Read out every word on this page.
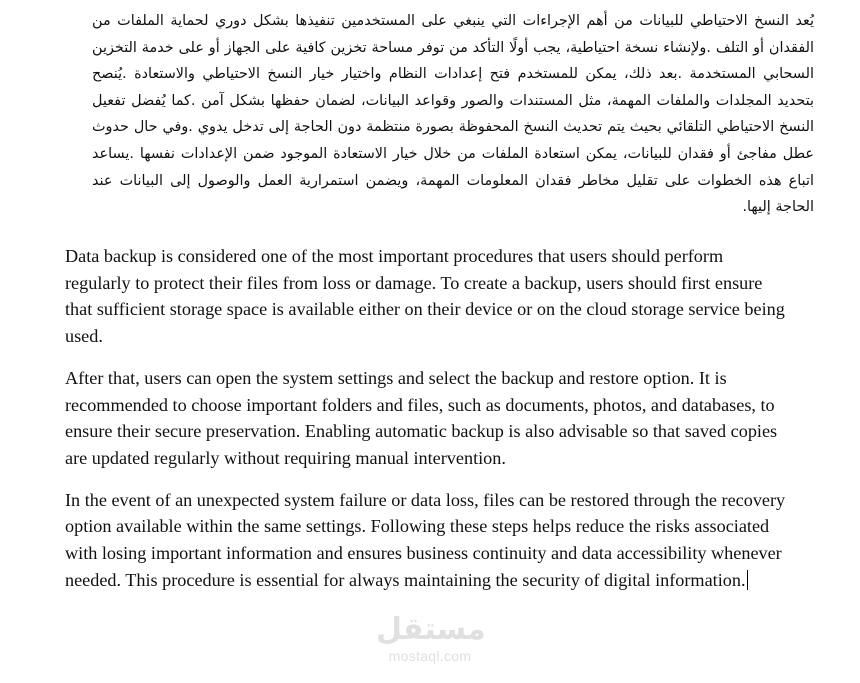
يُعد النسخ الاحتياطي للبيانات من أهم الإجراءات التي ينبغي على المستخدمين تنفيذها بشكل دوري لحماية الملفات من الفقدان أو التلف .ولإنشاء نسخة احتياطية، يجب أولًا التأكد من توفر مساحة تخزين كافية على الجهاز أو على خدمة التخزين السحابي المستخدمة .بعد ذلك، يمكن للمستخدم فتح إعدادات النظام واختيار خيار النسخ الاحتياطي والاستعادة .يُنصح بتحديد المجلدات والملفات المهمة، مثل المستندات والصور وقواعد البيانات، لضمان حفظها بشكل آمن .كما يُفضل تفعيل النسخ الاحتياطي التلقائي بحيث يتم تحديث النسخ المحفوظة بصورة منتظمة دون الحاجة إلى تدخل يدوي .وفي حال حدوث عطل مفاجئ أو فقدان للبيانات، يمكن استعادة الملفات من خلال خيار الاستعادة الموجود ضمن الإعدادات نفسها .يساعد اتباع هذه الخطوات على تقليل مخاطر فقدان المعلومات المهمة، ويضمن استمرارية العمل والوصول إلى البيانات عند الحاجة إليها.

Data backup is considered one of the most important procedures that users should perform regularly to protect their files from loss or damage. To create a backup, users should first ensure that sufficient storage space is available either on their device or on the cloud storage service being used.

After that, users can open the system settings and select the backup and restore option. It is recommended to choose important folders and files, such as documents, photos, and databases, to ensure their secure preservation. Enabling automatic backup is also advisable so that saved copies are updated regularly without requiring manual intervention.

In the event of an unexpected system failure or data loss, files can be restored through the recovery option available within the same settings. Following these steps helps reduce the risks associated with losing important information and ensures business continuity and data accessibility whenever needed. This procedure is essential for always maintaining the security of digital information.

مستقل
mostaql.com
